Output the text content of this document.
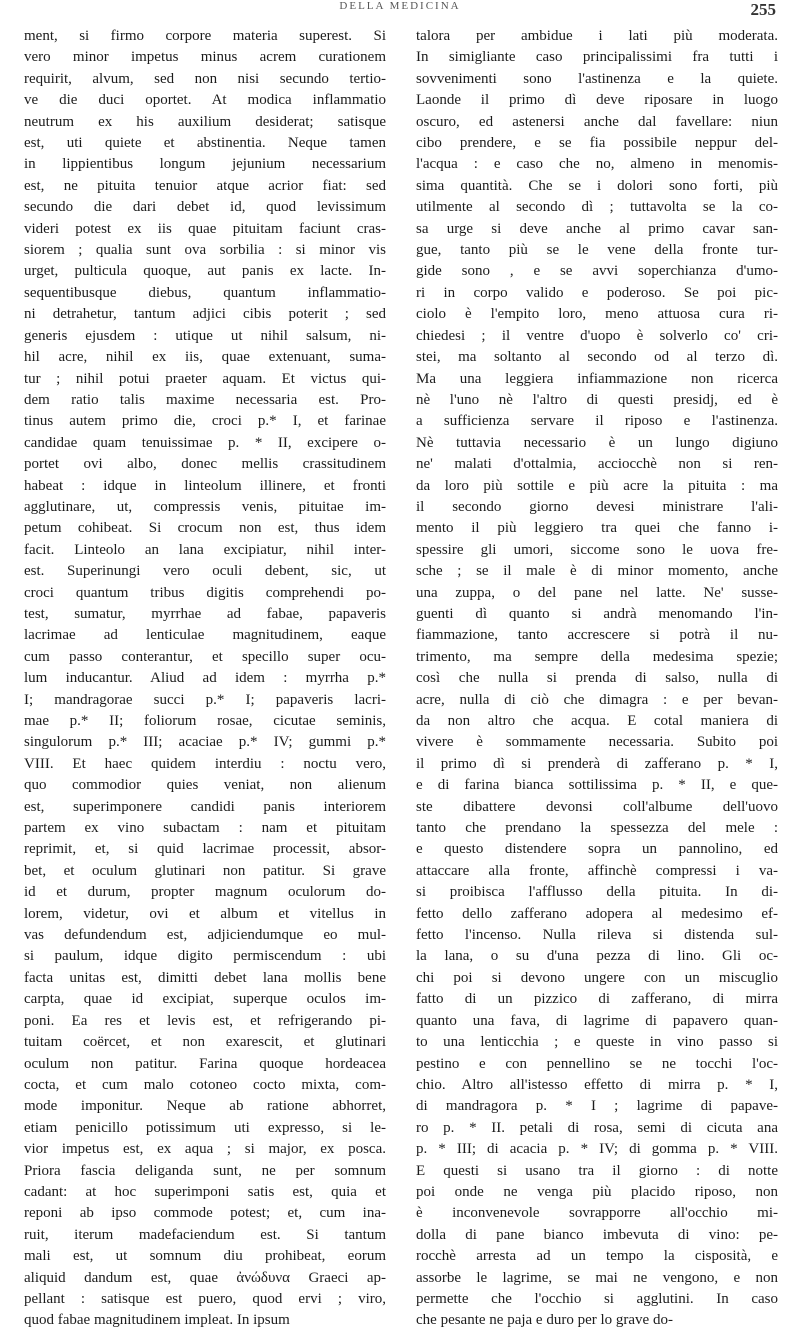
DELLA MEDICINA	255
ment, si firmo corpore materia superest. Si
vero minor impetus minus acrem curationem
requirit, alvum, sed non nisi secundo tertio-
ve die duci oportet. At modica inflammatio
neutrum ex his auxilium desiderat; satisque
est, uti quiete et abstinentia. Neque tamen
in lippientibus longum jejunium necessarium
est, ne pituita tenuior atque acrior fiat: sed
secundo die dari debet id, quod levissimum
videri potest ex iis quae pituitam faciunt cras-
siorem ; qualia sunt ova sorbilia : si minor vis
urget, pulticula quoque, aut panis ex lacte. In-
sequentibusque diebus, quantum inflammatio-
ni detrahetur, tantum adjici cibis poterit ; sed
generis ejusdem : utique ut nihil salsum, ni-
hil acre, nihil ex iis, quae extenuant, suma-
tur ; nihil potui praeter aquam. Et victus qui-
dem ratio talis maxime necessaria est. Pro-
tinus autem primo die, croci p.* I, et farinae
candidae quam tenuissimae p. * II, excipere o-
portet ovi albo, donec mellis crassitudinem
habeat : idque in linteolum illinere, et fronti
agglutinare, ut, compressis venis, pituitae im-
petum cohibeat. Si crocum non est, thus idem
facit. Linteolo an lana excipiatur, nihil inter-
est. Superinungi vero oculi debent, sic, ut
croci quantum tribus digitis comprehendi po-
test, sumatur, myrrhae ad fabae, papaveris
lacrimae ad lenticulae magnitudinem, eaque
cum passo conterantur, et specillo super ocu-
lum inducantur. Aliud ad idem : myrrha p.*
I; mandragorae succi p.* I; papaveris lacri-
mae p.* II; foliorum rosae, cicutae seminis,
singulorum p.* III; acaciae p.* IV; gummi p.*
VIII. Et haec quidem interdiu : noctu vero,
quo commodior quies veniat, non alienum
est, superimponere candidi panis interiorem
partem ex vino subactam : nam et pituitam
reprimit, et, si quid lacrimae processit, absor-
bet, et oculum glutinari non patitur. Si grave
id et durum, propter magnum oculorum do-
lorem, videtur, ovi et album et vitellus in
vas defundendum est, adjiciendumque eo mul-
si paulum, idque digito permiscendum : ubi
facta unitas est, dimitti debet lana mollis bene
carpta, quae id excipiat, superque oculos im-
poni. Ea res et levis est, et refrigerando pi-
tuitam coërcet, et non exarescit, et glutinari
oculum non patitur. Farina quoque hordeacea
cocta, et cum malo cotoneo cocto mixta, com-
mode imponitur. Neque ab ratione abhorret,
etiam penicillo potissimum uti expresso, si le-
vior impetus est, ex aqua ; si major, ex posca.
Priora fascia deliganda sunt, ne per somnum
cadant: at hoc superimponi satis est, quia et
reponi ab ipso commode potest; et, cum ina-
ruit, iterum madefaciendum est. Si tantum
mali est, ut somnum diu prohibeat, eorum
aliquid dandum est, quae ἀνώδυνα Graeci ap-
pellant : satisque est puero, quod ervi ; viro,
quod fabae magnitudinem impleat. In ipsum
talora per ambidue i lati più moderata.
In simigliante caso principalissimi fra tutti i
sovvenimenti sono l'astinenza e la quiete.
Laonde il primo dì deve riposare in luogo
oscuro, ed astenersi anche dal favellare: niun
cibo prendere, e se fia possibile neppur del-
l'acqua : e caso che no, almeno in menomis-
sima quantità. Che se i dolori sono forti, più
utilmente al secondo dì ; tuttavolta se la co-
sa urge si deve anche al primo cavar san-
gue, tanto più se le vene della fronte tur-
gide sono , e se avvi soperchianza d'umo-
ri in corpo valido e poderoso. Se poi pic-
ciolo è l'empito loro, meno attuosa cura ri-
chiedesi ; il ventre d'uopo è solverlo co' cri-
stei, ma soltanto al secondo od al terzo dì.
Ma una leggiera infiammazione non ricerca
nè l'uno nè l'altro di questi presidj, ed è
a sufficienza servare il riposo e l'astinenza.
Nè tuttavia necessario è un lungo digiuno
ne' malati d'ottalmia, acciocchè non si ren-
da loro più sottile e più acre la pituita : ma
il secondo giorno devesi ministrare l'ali-
mento il più leggiero tra quei che fanno i-
spessire gli umori, siccome sono le uova fre-
sche ; se il male è di minor momento, anche
una zuppa, o del pane nel latte. Ne' susse-
guenti dì quanto si andrà menomando l'in-
fiammazione, tanto accrescere si potrà il nu-
trimento, ma sempre della medesima spezie;
così che nulla si prenda di salso, nulla di
acre, nulla di ciò che dimagra : e per bevan-
da non altro che acqua. E cotal maniera di
vivere è sommamente necessaria. Subito poi
il primo dì si prenderà di zafferano p. * I,
e di farina bianca sottilissima p. * II, e que-
ste dibattere devonsi coll'albume dell'uovo
tanto che prendano la spessezza del mele :
e questo distendere sopra un pannolino, ed
attaccare alla fronte, affinchè compressi i va-
si proibisca l'afflusso della pituita. In di-
fetto dello zafferano adopera al medesimo ef-
fetto l'incenso. Nulla rileva si distenda sul-
la lana, o su d'una pezza di lino. Gli oc-
chi poi si devono ungere con un miscuglio
fatto di un pizzico di zafferano, di mirra
quanto una fava, di lagrime di papavero quan-
to una lenticchia ; e queste in vino passo si
pestino e con pennellino se ne tocchi l'oc-
chio. Altro all'istesso effetto di mirra p. * I,
di mandragora p. * I ; lagrime di papave-
ro p. * II. petali di rosa, semi di cicuta ana
p. * III; di acacia p. * IV; di gomma p. * VIII.
E questi si usano tra il giorno : di notte
poi onde ne venga più placido riposo, non
è inconvenevole sovrapporre all'occhio mi-
dolla di pane bianco imbevuta di vino: pe-
rocchè arresta ad un tempo la cisposità, e
assorbe le lagrime, se mai ne vengono, e non
permette che l'occhio si agglutini. In caso
che pesante ne paja e duro per lo grave do-
